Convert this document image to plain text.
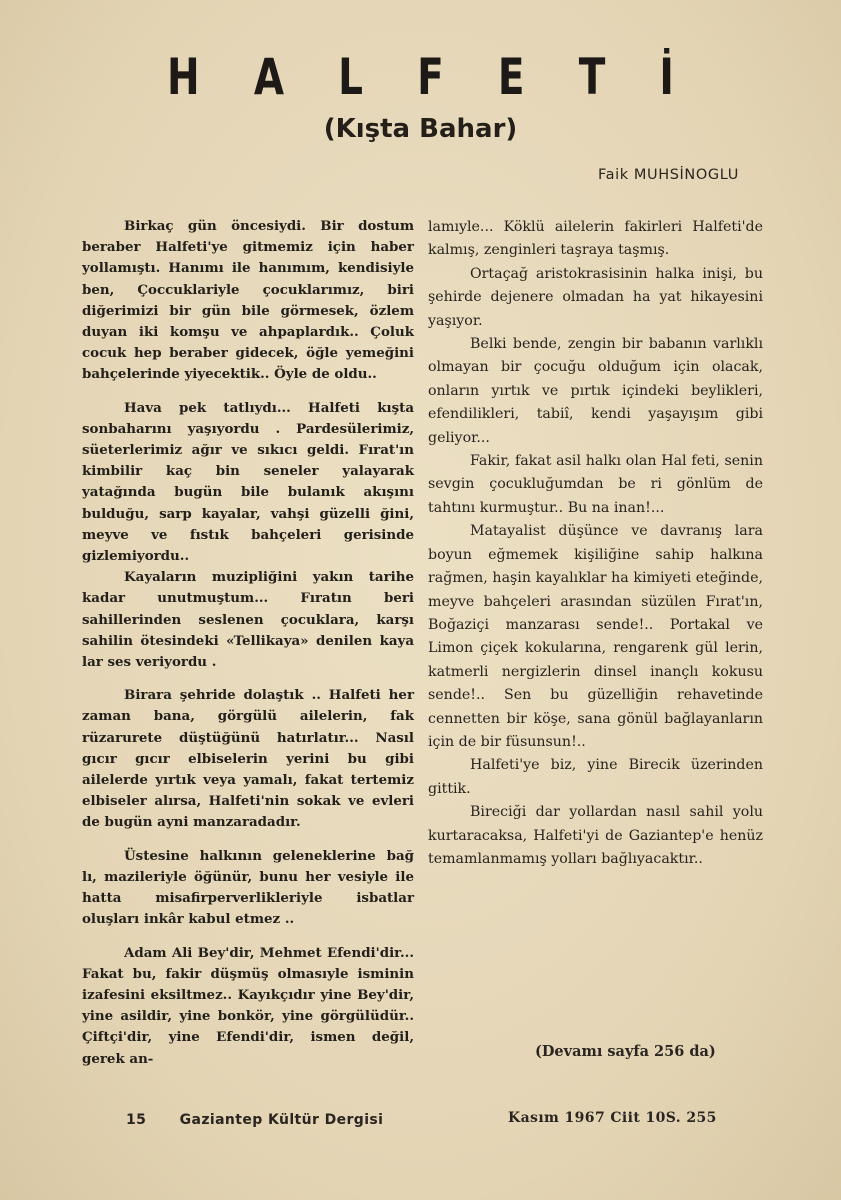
H A L F E T İ
(Kışta Bahar)
Faik MUHSİNOGLU

Birkaç gün öncesiydi. Bir dostum beraber Halfeti'ye gitmemiz için haber yollamıştı. Hanımı ile hanımım, kendisiyle ben, Çoccuklariyle çocuklarımız, biri diğerimizi bir gün bile görmesek, özlem duyan iki komşu ve ahpaplardık.. Çoluk cocuk hep beraber gidecek, öğle yemeğini bahçelerinde yiyecektik.. Öyle de oldu..

Hava pek tatlıydı... Halfeti kışta sonbaharını yaşıyordu . Pardesülerimiz, süeterlerimiz ağır ve sıkıcı geldi. Fırat'ın kimbilir kaç bin seneler yalayarak yatağında bugün bile bulanık akışını bulduğu, sarp kayalar, vahşi güzelli ğini, meyve ve fıstık bahçeleri gerisinde gizlemiyordu..

Kayaların muzipliğini yakın tarihe kadar unutmuştum... Fıratın beri sahillerinden seslenen çocuklara, karşı sahilin ötesindeki «Tellikaya» denilen kaya lar ses veriyordu .

Birara şehride dolaştık .. Halfeti her zaman bana, görgülü ailelerin, fak rüzarurete düştüğünü hatırlatır... Nasıl gıcır gıcır elbiselerin yerini bu gibi ailelerde yırtık veya yamalı, fakat tertemiz elbiseler alırsa, Halfeti'nin sokak ve evleri de bugün ayni manzaradadır.

Üstesine halkının geleneklerine bağ lı, mazileriyle öğünür, bunu her vesiyle ile hatta misafirperverlikleriyle isbatlar oluşları inkâr kabul etmez ..

Adam Ali Bey'dir, Mehmet Efendi'dir... Fakat bu, fakir düşmüş olmasıyle isminin izafesini eksiltmez.. Kayıkçıdır yine Bey'dir, yine asildir, yine bonkör, yine görgülüdür.. Çiftçi'dir, yine Efendi'dir, ismen değil, gerek an-

lamıyle... Köklü ailelerin fakirleri Halfeti'de kalmış, zenginleri taşraya taşmış.

Ortaçağ aristokrasisinin halka inişi, bu şehirde dejenere olmadan ha yat hikayesini yaşıyor.

Belki bende, zengin bir babanın varlıklı olmayan bir çocuğu olduğum için olacak, onların yırtık ve pırtık içindeki beylikleri, efendilikleri, tabiî, kendi yaşayışım gibi geliyor...

Fakir, fakat asil halkı olan Hal feti, senin sevgin çocukluğumdan be ri gönlüm de tahtını kurmuştur.. Bu na inan!...

Matayalist düşünce ve davranış lara boyun eğmemek kişiliğine sahip halkına rağmen, haşin kayalıklar ha kimiyeti eteğinde, meyve bahçeleri arasından süzülen Fırat'ın, Boğaziçi manzarası sende!.. Portakal ve Limon çiçek kokularına, rengarenk gül lerin, katmerli nergizlerin dinsel inançlı kokusu sende!.. Sen bu güzelliğin rehavetinde cennetten bir köşe, sana gönül bağlayanların için de bir füsunsun!..

Halfeti'ye biz, yine Birecik üzerinden gittik.

Bireciği dar yollardan nasıl sahil yolu kurtaracaksa, Halfeti'yi de Gaziantep'e henüz temamlanmamış yolları bağlıyacaktır..

(Devamı sayfa 256 da)
15 Gaziantep Kültür Dergisi	Kasım 1967 Ciit 10S. 255
